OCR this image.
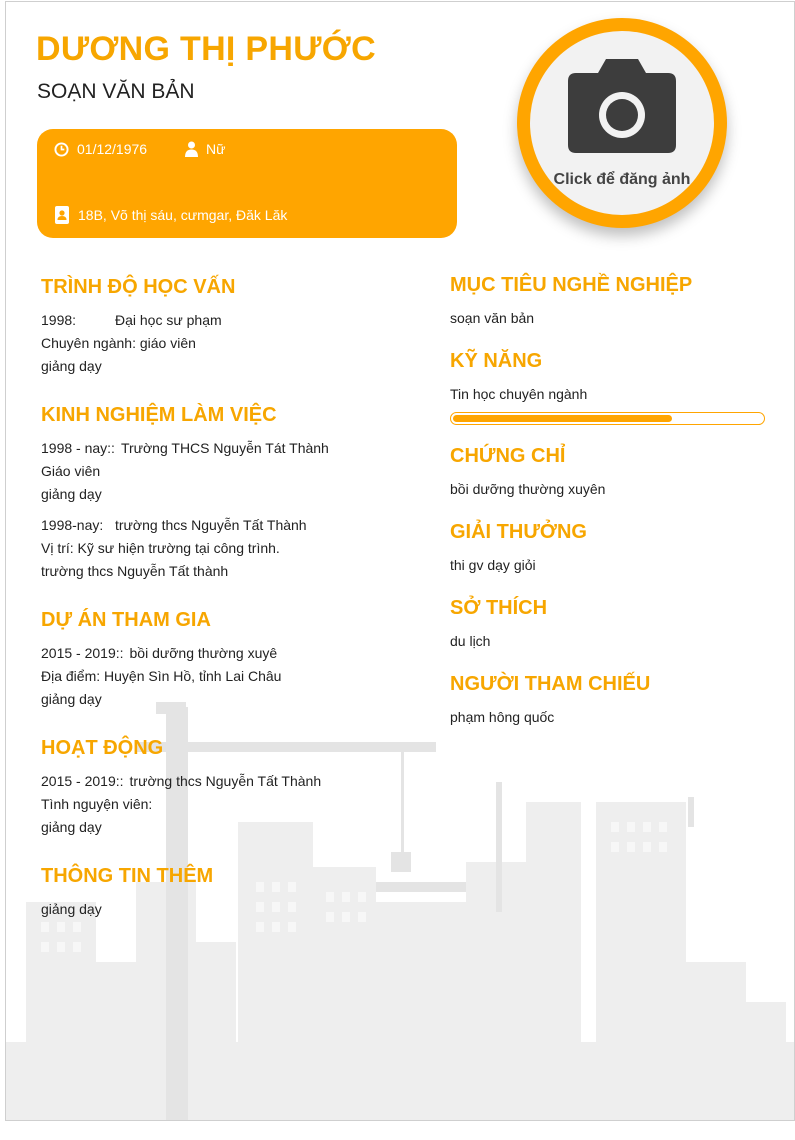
DƯƠNG THỊ PHƯỚC
SOẠN VĂN BẢN
01/12/1976	Nữ
18B, Võ thị sáu, cưmgar, Đăk Lăk
Click để đăng ảnh
TRÌNH ĐỘ HỌC VẤN
1998:	Đại học sư phạm
Chuyên ngành: giáo viên
giảng dạy
KINH NGHIỆM LÀM VIỆC
1998 - nay:: Trường THCS Nguyễn Tát Thành
Giáo viên
giảng dạy
1998-nay: trường thcs Nguyễn Tất Thành
Vị trí: Kỹ sư hiện trường tại công trình.
trường thcs Nguyễn Tất thành
DỰ ÁN THAM GIA
2015 - 2019:: bồi dưỡng thường xuyê
Địa điểm: Huyện Sìn Hồ, tỉnh Lai Châu
giảng dạy
HOẠT ĐỘNG
2015 - 2019:: trường thcs Nguyễn Tất Thành
Tình nguyện viên:
giảng dạy
THÔNG TIN THÊM
giảng dạy
MỤC TIÊU NGHỀ NGHIỆP
soạn văn bản
KỸ NĂNG
Tin học chuyên ngành
CHỨNG CHỈ
bồi dưỡng thường xuyên
GIẢI THƯỞNG
thi gv dạy giỏi
SỞ THÍCH
du lịch
NGƯỜI THAM CHIẾU
phạm hông quốc
